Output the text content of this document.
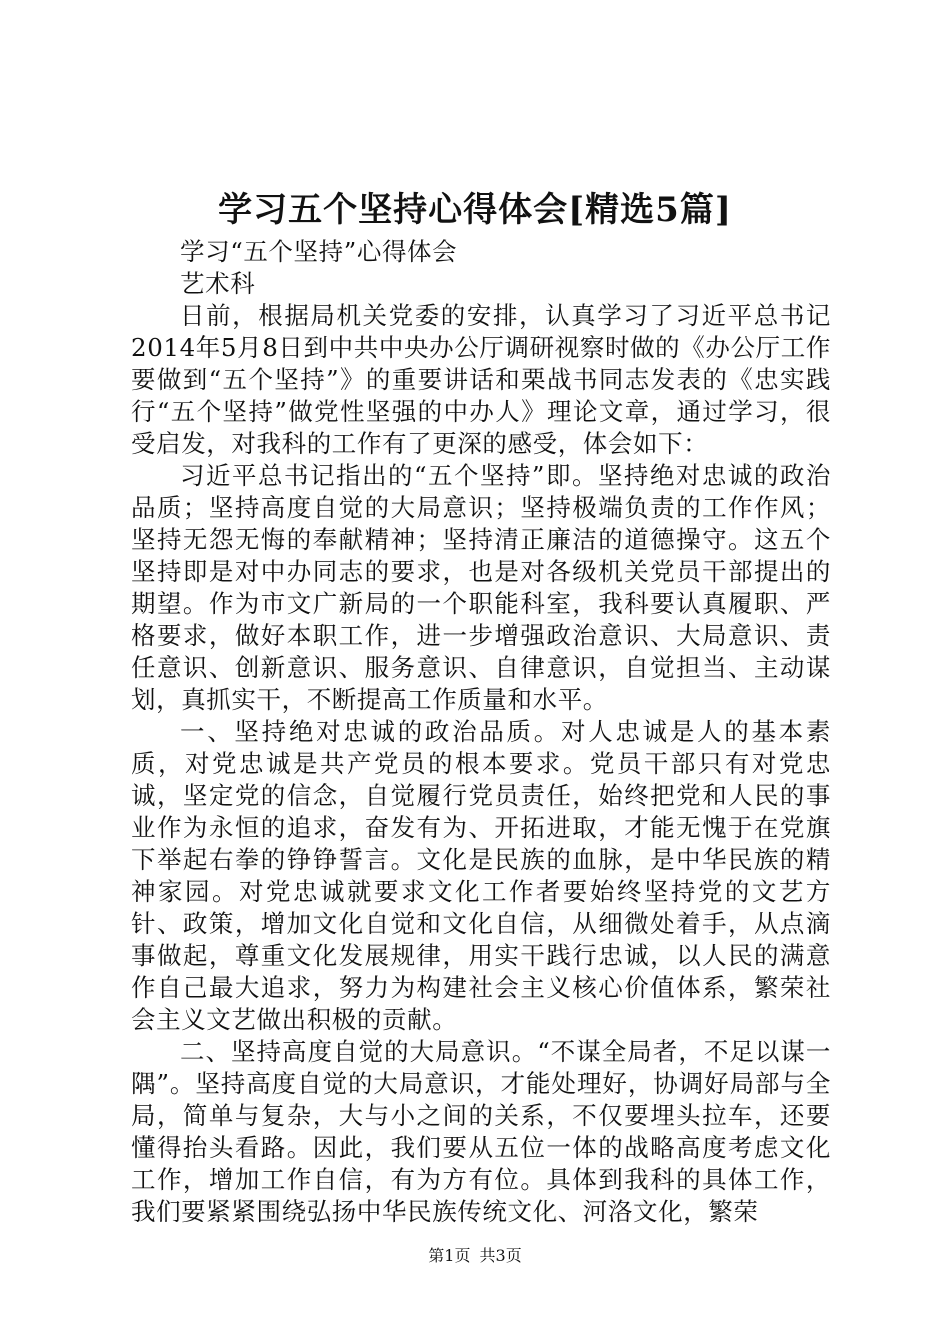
学习五个坚持心得体会[精选5篇]

学习“五个坚持”心得体会

艺术科

日前，根据局机关党委的安排，认真学习了习近平总书记2014年5月8日到中共中央办公厅调研视察时做的《办公厅工作要做到“五个坚持”》的重要讲话和栗战书同志发表的《忠实践行“五个坚持”做党性坚强的中办人》理论文章，通过学习，很受启发，对我科的工作有了更深的感受，体会如下：

习近平总书记指出的“五个坚持”即。坚持绝对忠诚的政治品质；坚持高度自觉的大局意识；坚持极端负责的工作作风；坚持无怨无悔的奉献精神；坚持清正廉洁的道德操守。这五个坚持即是对中办同志的要求，也是对各级机关党员干部提出的期望。作为市文广新局的一个职能科室，我科要认真履职、严格要求，做好本职工作，进一步增强政治意识、大局意识、责任意识、创新意识、服务意识、自律意识，自觉担当、主动谋划，真抓实干，不断提高工作质量和水平。

一、坚持绝对忠诚的政治品质。对人忠诚是人的基本素质，对党忠诚是共产党员的根本要求。党员干部只有对党忠诚，坚定党的信念，自觉履行党员责任，始终把党和人民的事业作为永恒的追求，奋发有为、开拓进取，才能无愧于在党旗下举起右拳的铮铮誓言。文化是民族的血脉，是中华民族的精神家园。对党忠诚就要求文化工作者要始终坚持党的文艺方针、政策，增加文化自觉和文化自信，从细微处着手，从点滴事做起，尊重文化发展规律，用实干践行忠诚，以人民的满意作自己最大追求，努力为构建社会主义核心价值体系，繁荣社会主义文艺做出积极的贡献。

二、坚持高度自觉的大局意识。“不谋全局者，不足以谋一隅”。坚持高度自觉的大局意识，才能处理好，协调好局部与全局，简单与复杂，大与小之间的关系，不仅要埋头拉车，还要懂得抬头看路。因此，我们要从五位一体的战略高度考虑文化工作，增加工作自信，有为方有位。具体到我科的具体工作，我们要紧紧围绕弘扬中华民族传统文化、河洛文化，繁荣

第1页 共3页
